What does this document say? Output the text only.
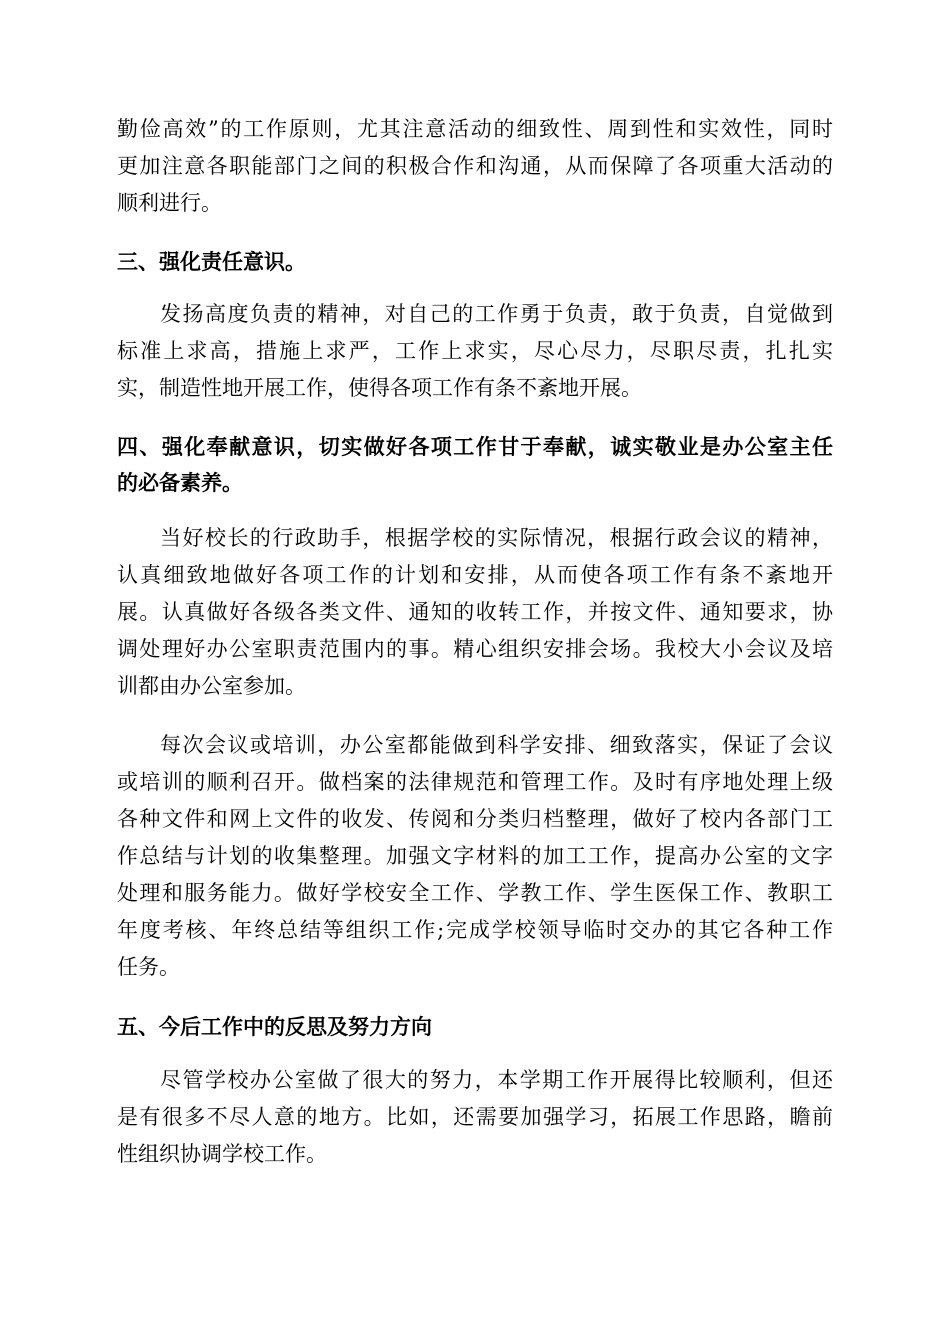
勤俭高效”的工作原则，尤其注意活动的细致性、周到性和实效性，同时
更加注意各职能部门之间的积极合作和沟通，从而保障了各项重大活动的
顺利进行。
三、强化责任意识。
发扬高度负责的精神，对自己的工作勇于负责，敢于负责，自觉做到
标准上求高，措施上求严，工作上求实，尽心尽力，尽职尽责，扎扎实
实，制造性地开展工作，使得各项工作有条不紊地开展。
四、强化奉献意识，切实做好各项工作甘于奉献，诚实敬业是办公室主任
的必备素养。
当好校长的行政助手，根据学校的实际情况，根据行政会议的精神，
认真细致地做好各项工作的计划和安排，从而使各项工作有条不紊地开
展。认真做好各级各类文件、通知的收转工作，并按文件、通知要求，协
调处理好办公室职责范围内的事。精心组织安排会场。我校大小会议及培
训都由办公室参加。
每次会议或培训，办公室都能做到科学安排、细致落实，保证了会议
或培训的顺利召开。做档案的法律规范和管理工作。及时有序地处理上级
各种文件和网上文件的收发、传阅和分类归档整理，做好了校内各部门工
作总结与计划的收集整理。加强文字材料的加工工作，提高办公室的文字
处理和服务能力。做好学校安全工作、学教工作、学生医保工作、教职工
年度考核、年终总结等组织工作;完成学校领导临时交办的其它各种工作
任务。
五、今后工作中的反思及努力方向
尽管学校办公室做了很大的努力，本学期工作开展得比较顺利，但还
是有很多不尽人意的地方。比如，还需要加强学习，拓展工作思路，瞻前
性组织协调学校工作。
